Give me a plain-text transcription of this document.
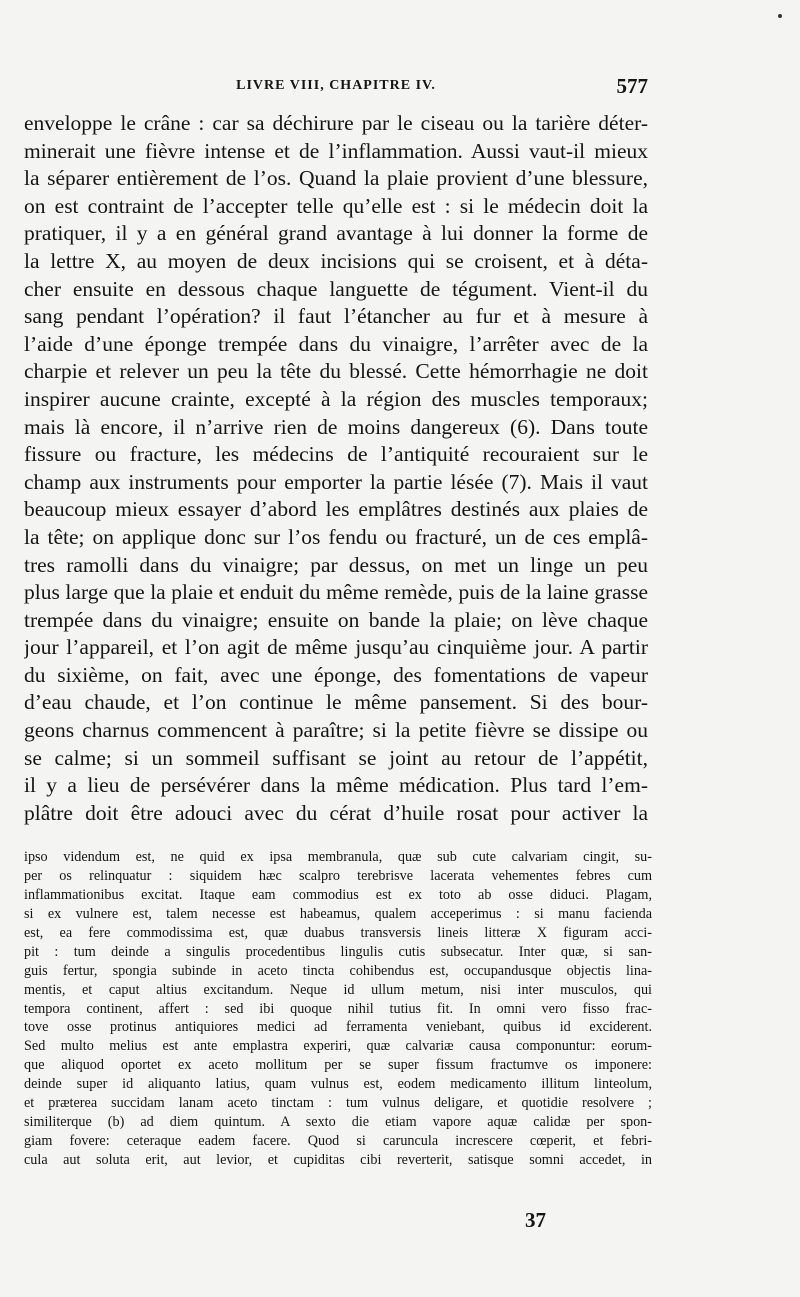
LIVRE VIII, CHAPITRE IV.	577
enveloppe le crâne : car sa déchirure par le ciseau ou la tarière déter-
minerait une fièvre intense et de l’inflammation. Aussi vaut-il mieux
la séparer entièrement de l’os. Quand la plaie provient d’une blessure,
on est contraint de l’accepter telle qu’elle est : si le médecin doit la
pratiquer, il y a en général grand avantage à lui donner la forme de
la lettre X, au moyen de deux incisions qui se croisent, et à déta-
cher ensuite en dessous chaque languette de tégument. Vient-il du
sang pendant l’opération? il faut l’étancher au fur et à mesure à
l’aide d’une éponge trempée dans du vinaigre, l’arrêter avec de la
charpie et relever un peu la tête du blessé. Cette hémorrhagie ne doit
inspirer aucune crainte, excepté à la région des muscles temporaux;
mais là encore, il n’arrive rien de moins dangereux (6). Dans toute
fissure ou fracture, les médecins de l’antiquité recouraient sur le
champ aux instruments pour emporter la partie lésée (7). Mais il vaut
beaucoup mieux essayer d’abord les emplâtres destinés aux plaies de
la tête; on applique donc sur l’os fendu ou fracturé, un de ces emplâ-
tres ramolli dans du vinaigre; par dessus, on met un linge un peu
plus large que la plaie et enduit du même remède, puis de la laine grasse
trempée dans du vinaigre; ensuite on bande la plaie; on lève chaque
jour l’appareil, et l’on agit de même jusqu’au cinquième jour. A partir
du sixième, on fait, avec une éponge, des fomentations de vapeur
d’eau chaude, et l’on continue le même pansement. Si des bour-
geons charnus commencent à paraître; si la petite fièvre se dissipe ou
se calme; si un sommeil suffisant se joint au retour de l’appétit,
il y a lieu de persévérer dans la même médication. Plus tard l’em-
plâtre doit être adouci avec du cérat d’huile rosat pour activer la
ipso videndum est, ne quid ex ipsa membranula, quæ sub cute calvariam cingit, su-
per os relinquatur : siquidem hæc scalpro terebrisve lacerata vehementes febres cum
inflammationibus excitat. Itaque eam commodius est ex toto ab osse diduci. Plagam,
si ex vulnere est, talem necesse est habeamus, qualem acceperimus : si manu facienda
est, ea fere commodissima est, quæ duabus transversis lineis litteræ X figuram acci-
pit : tum deinde a singulis procedentibus lingulis cutis subsecatur. Inter quæ, si san-
guis fertur, spongia subinde in aceto tincta cohibendus est, occupandusque objectis lina-
mentis, et caput altius excitandum. Neque id ullum metum, nisi inter musculos, qui
tempora continent, affert : sed ibi quoque nihil tutius fit. In omni vero fisso frac-
tove osse protinus antiquiores medici ad ferramenta veniebant, quibus id exciderent.
Sed multo melius est ante emplastra experiri, quæ calvariæ causa componuntur: eorum-
que aliquod oportet ex aceto mollitum per se super fissum fractumve os imponere:
deinde super id aliquanto latius, quam vulnus est, eodem medicamento illitum linteolum,
et præterea succidam lanam aceto tinctam : tum vulnus deligare, et quotidie resolvere ;
similiterque (b) ad diem quintum. A sexto die etiam vapore aquæ calidæ per spon-
giam fovere: ceteraque eadem facere. Quod si caruncula increscere cœperit, et febri-
cula aut soluta erit, aut levior, et cupiditas cibi reverterit, satisque somni accedet, in
37
